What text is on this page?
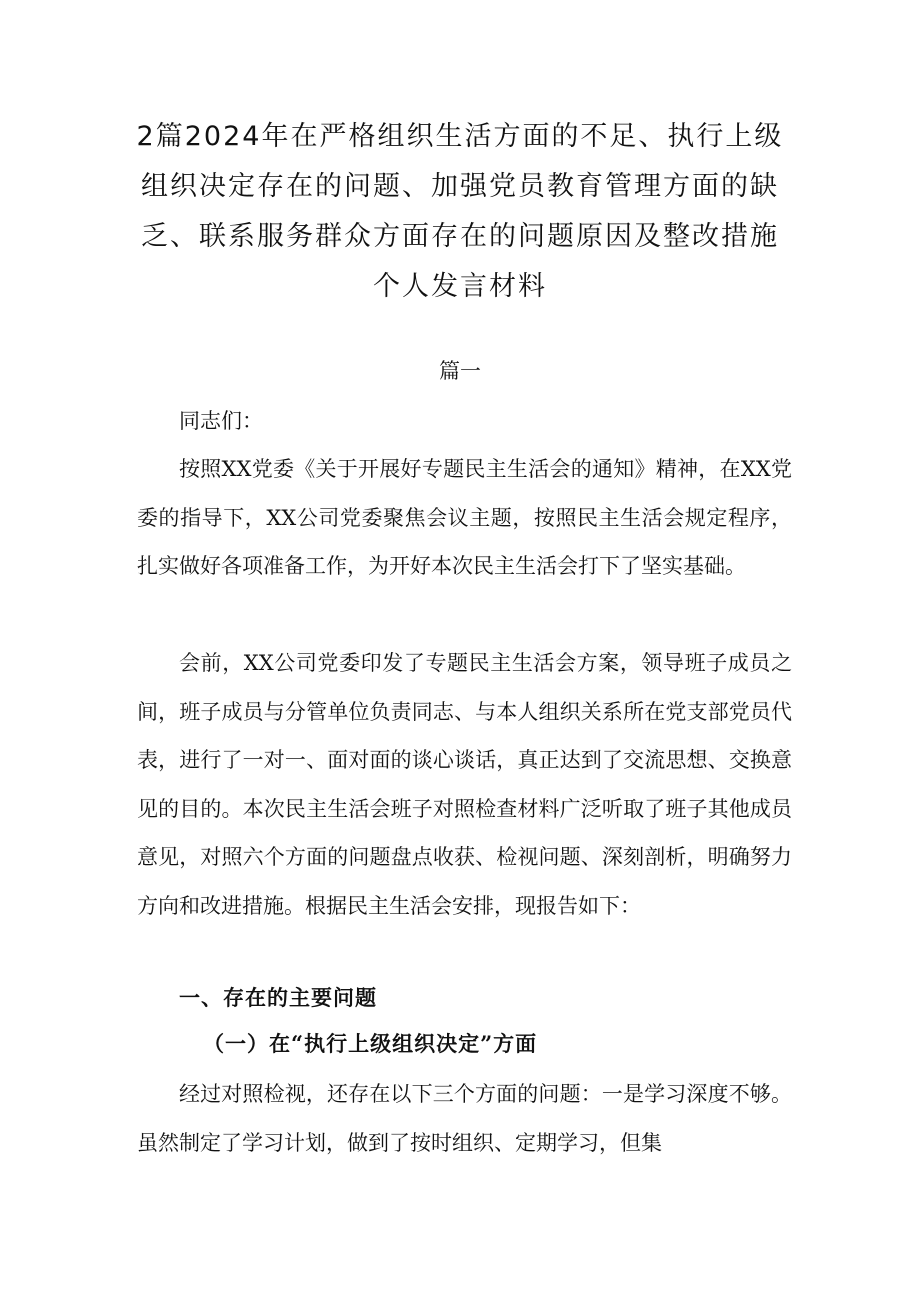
2篇2024年在严格组织生活方面的不足、执行上级
组织决定存在的问题、加强党员教育管理方面的缺
乏、联系服务群众方面存在的问题原因及整改措施
个人发言材料
篇一

同志们：

按照XX党委《关于开展好专题民主生活会的通知》精神，在XX党委的指导下，XX公司党委聚焦会议主题，按照民主生活会规定程序，扎实做好各项准备工作，为开好本次民主生活会打下了坚实基础。

会前，XX公司党委印发了专题民主生活会方案，领导班子成员之间，班子成员与分管单位负责同志、与本人组织关系所在党支部党员代表，进行了一对一、面对面的谈心谈话，真正达到了交流思想、交换意见的目的。本次民主生活会班子对照检查材料广泛听取了班子其他成员意见，对照六个方面的问题盘点收获、检视问题、深刻剖析，明确努力方向和改进措施。根据民主生活会安排，现报告如下：

一、存在的主要问题
（一）在“执行上级组织决定”方面

经过对照检视，还存在以下三个方面的问题：一是学习深度不够。虽然制定了学习计划，做到了按时组织、定期学习，但集
